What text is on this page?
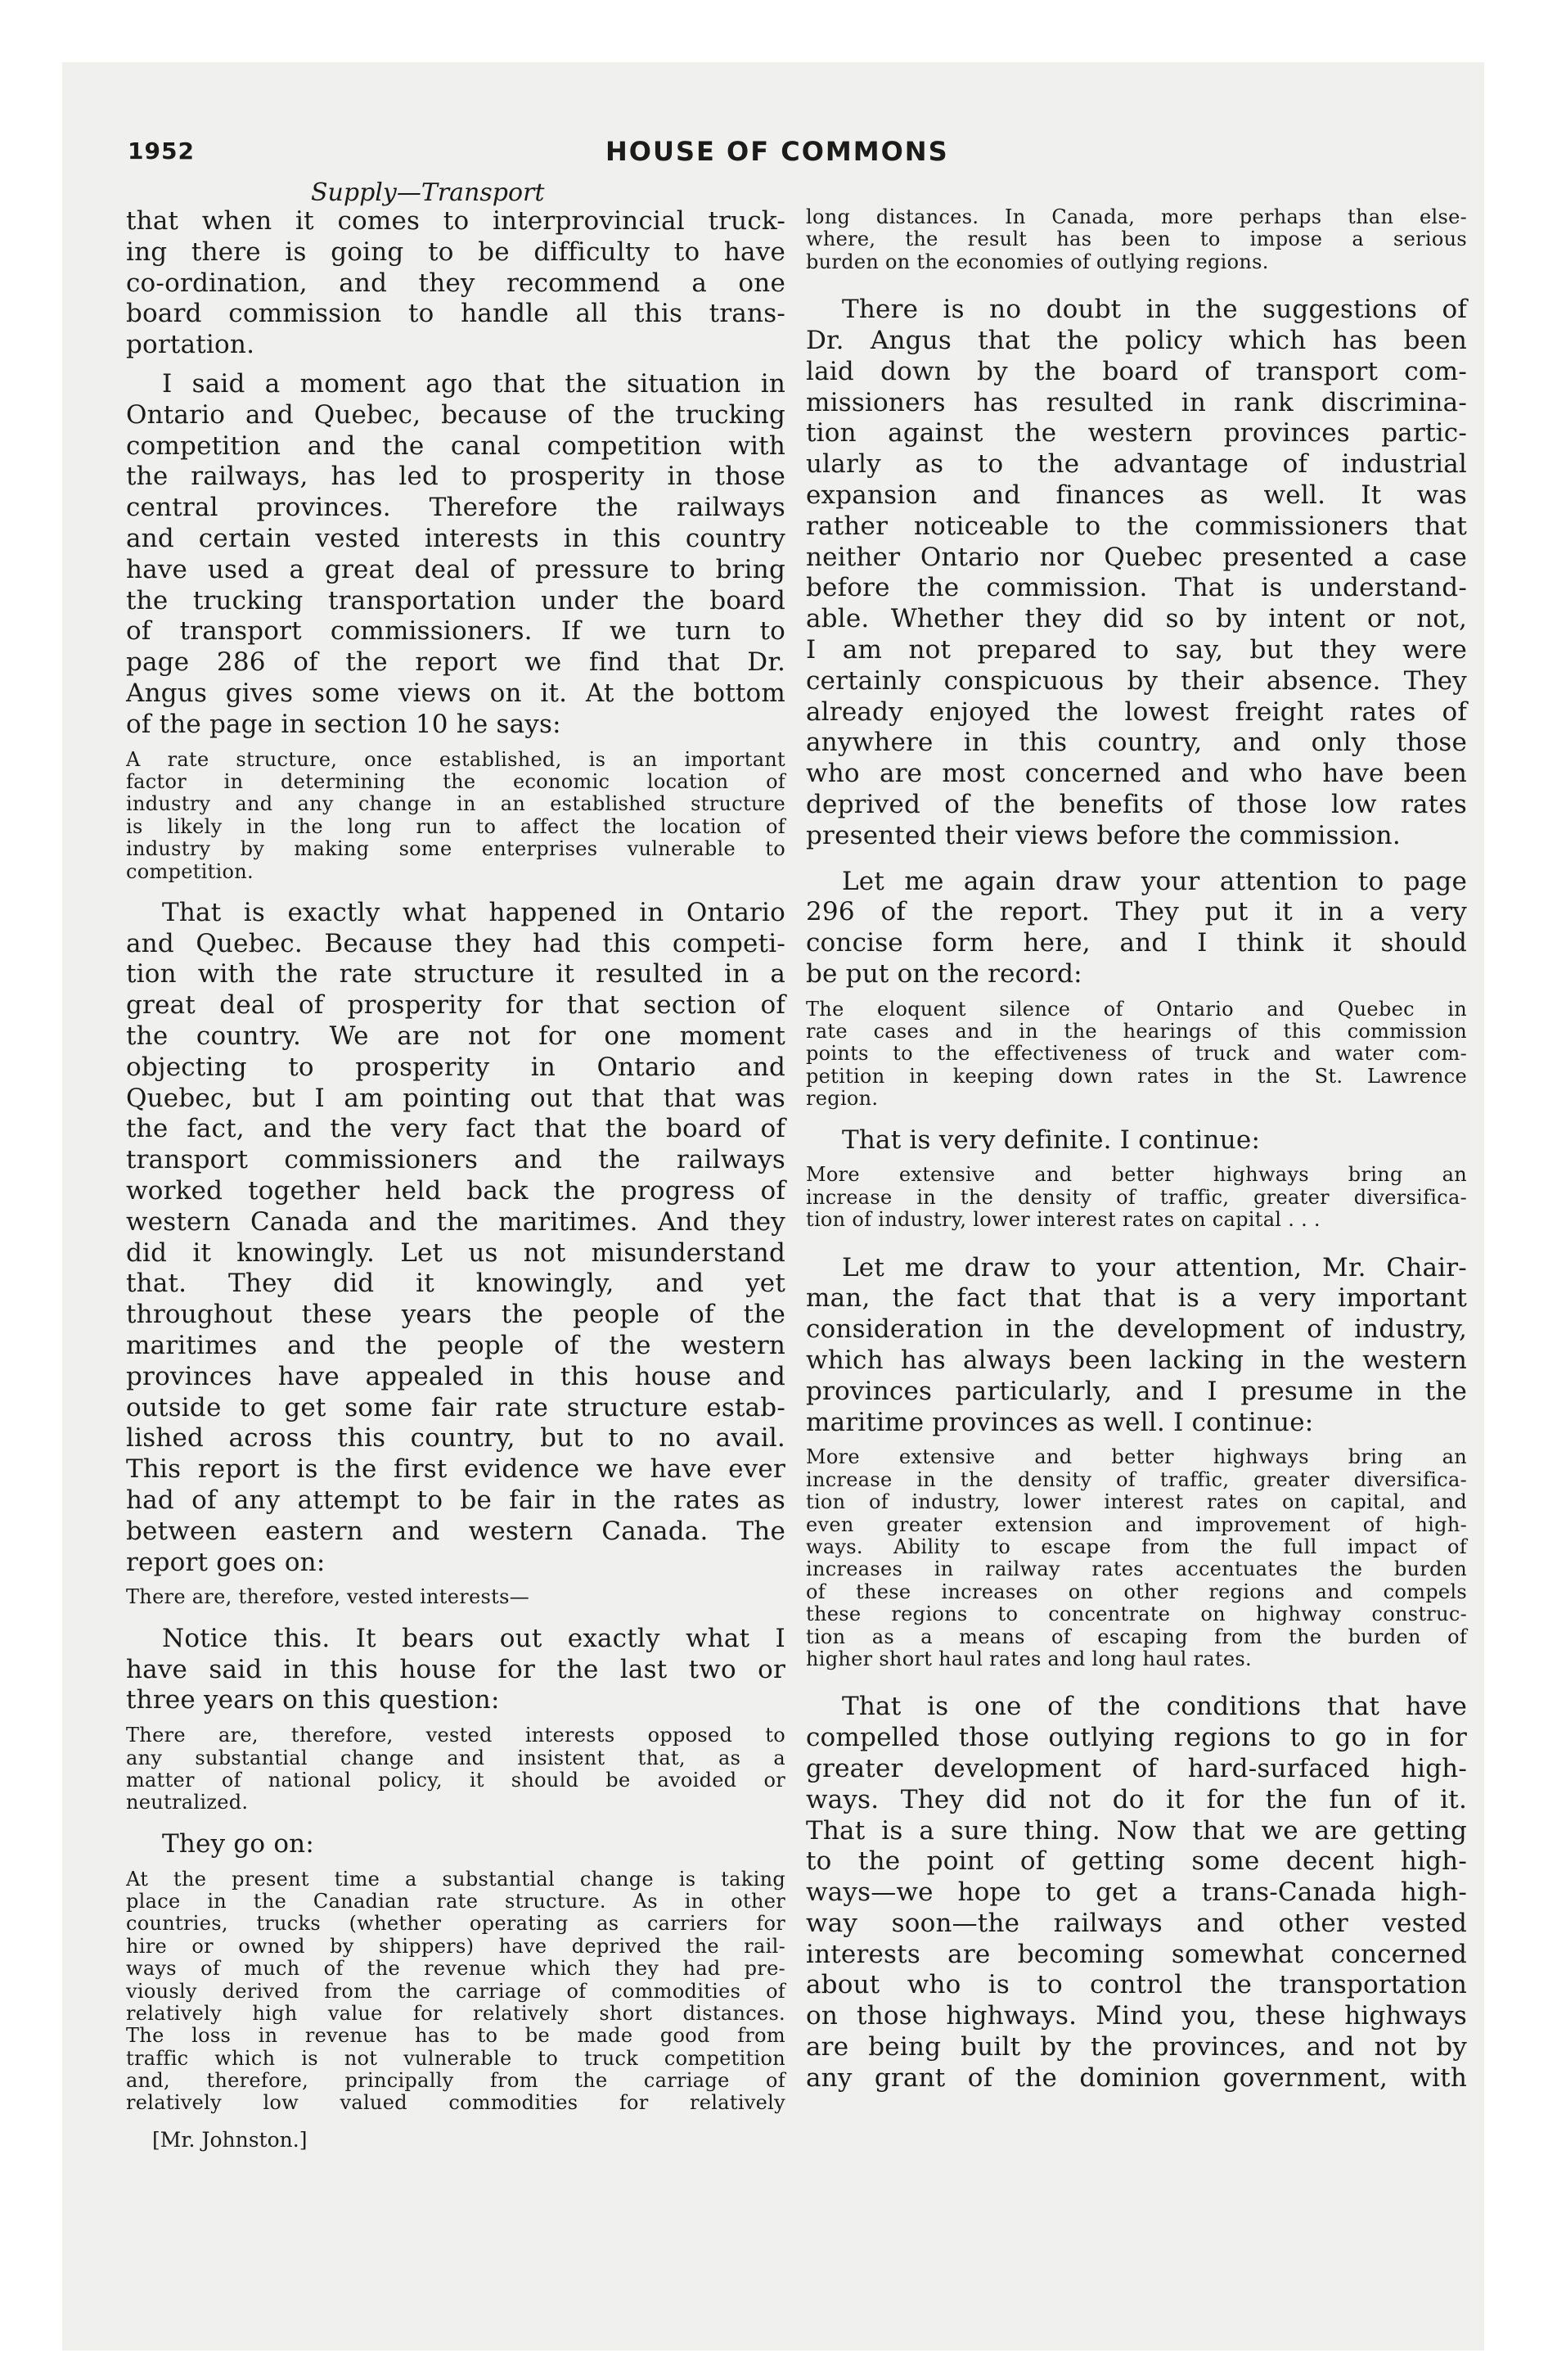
1952	HOUSE OF COMMONS
Supply—Transport
that when it comes to interprovincial truck-
ing there is going to be difficulty to have
co-ordination, and they recommend a one
board commission to handle all this trans-
portation.
I said a moment ago that the situation in
Ontario and Quebec, because of the trucking
competition and the canal competition with
the railways, has led to prosperity in those
central provinces. Therefore the railways
and certain vested interests in this country
have used a great deal of pressure to bring
the trucking transportation under the board
of transport commissioners. If we turn to
page 286 of the report we find that Dr.
Angus gives some views on it. At the bottom
of the page in section 10 he says:
A rate structure, once established, is an important
factor in determining the economic location of
industry and any change in an established structure
is likely in the long run to affect the location of
industry by making some enterprises vulnerable to
competition.
That is exactly what happened in Ontario
and Quebec. Because they had this competi-
tion with the rate structure it resulted in a
great deal of prosperity for that section of
the country. We are not for one moment
objecting to prosperity in Ontario and
Quebec, but I am pointing out that that was
the fact, and the very fact that the board of
transport commissioners and the railways
worked together held back the progress of
western Canada and the maritimes. And they
did it knowingly. Let us not misunderstand
that. They did it knowingly, and yet
throughout these years the people of the
maritimes and the people of the western
provinces have appealed in this house and
outside to get some fair rate structure estab-
lished across this country, but to no avail.
This report is the first evidence we have ever
had of any attempt to be fair in the rates as
between eastern and western Canada. The
report goes on:
There are, therefore, vested interests—
Notice this. It bears out exactly what I
have said in this house for the last two or
three years on this question:
There are, therefore, vested interests opposed to
any substantial change and insistent that, as a
matter of national policy, it should be avoided or
neutralized.
They go on:
At the present time a substantial change is taking
place in the Canadian rate structure. As in other
countries, trucks (whether operating as carriers for
hire or owned by shippers) have deprived the rail-
ways of much of the revenue which they had pre-
viously derived from the carriage of commodities of
relatively high value for relatively short distances.
The loss in revenue has to be made good from
traffic which is not vulnerable to truck competition
and, therefore, principally from the carriage of
relatively low valued commodities for relatively
[Mr. Johnston.]
long distances. In Canada, more perhaps than else-
where, the result has been to impose a serious
burden on the economies of outlying regions.
There is no doubt in the suggestions of
Dr. Angus that the policy which has been
laid down by the board of transport com-
missioners has resulted in rank discrimina-
tion against the western provinces partic-
ularly as to the advantage of industrial
expansion and finances as well. It was
rather noticeable to the commissioners that
neither Ontario nor Quebec presented a case
before the commission. That is understand-
able. Whether they did so by intent or not,
I am not prepared to say, but they were
certainly conspicuous by their absence. They
already enjoyed the lowest freight rates of
anywhere in this country, and only those
who are most concerned and who have been
deprived of the benefits of those low rates
presented their views before the commission.
Let me again draw your attention to page
296 of the report. They put it in a very
concise form here, and I think it should
be put on the record:
The eloquent silence of Ontario and Quebec in
rate cases and in the hearings of this commission
points to the effectiveness of truck and water com-
petition in keeping down rates in the St. Lawrence
region.
That is very definite. I continue:
More extensive and better highways bring an
increase in the density of traffic, greater diversifica-
tion of industry, lower interest rates on capital . . .
Let me draw to your attention, Mr. Chair-
man, the fact that that is a very important
consideration in the development of industry,
which has always been lacking in the western
provinces particularly, and I presume in the
maritime provinces as well. I continue:
More extensive and better highways bring an
increase in the density of traffic, greater diversifica-
tion of industry, lower interest rates on capital, and
even greater extension and improvement of high-
ways. Ability to escape from the full impact of
increases in railway rates accentuates the burden
of these increases on other regions and compels
these regions to concentrate on highway construc-
tion as a means of escaping from the burden of
higher short haul rates and long haul rates.
That is one of the conditions that have
compelled those outlying regions to go in for
greater development of hard-surfaced high-
ways. They did not do it for the fun of it.
That is a sure thing. Now that we are getting
to the point of getting some decent high-
ways—we hope to get a trans-Canada high-
way soon—the railways and other vested
interests are becoming somewhat concerned
about who is to control the transportation
on those highways. Mind you, these highways
are being built by the provinces, and not by
any grant of the dominion government, with
